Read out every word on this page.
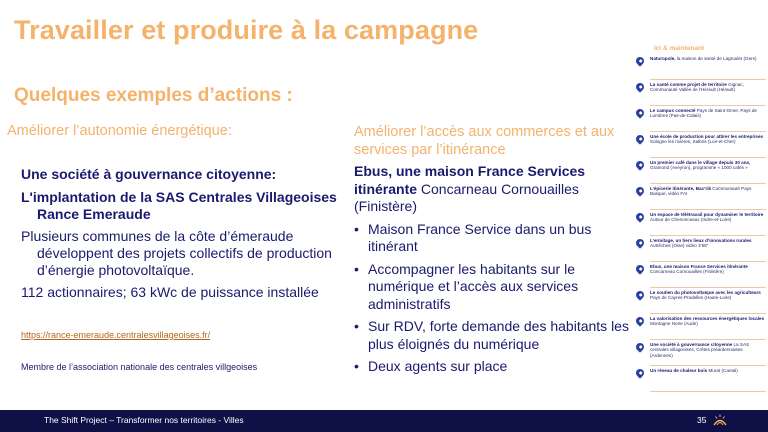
Travailler et produire à la campagne
Quelques exemples d’actions :
Améliorer l’autonomie énergétique:	Améliorer l’accès aux commerces et aux services par l’itinérance
Une société à gouvernance citoyenne:
L'implantation de la SAS Centrales Villageoises Rance Emeraude
Plusieurs communes de la côte d’émeraude développent des projets collectifs de production d’énergie photovoltaïque.
112 actionnaires; 63 kWc de puissance installée
https://rance-emeraude.centralesvillageoises.fr/
Membre de l’association nationale des centrales villgeoises
Ebus, une maison France Services itinérante Concarneau Cornouailles (Finistère)
• Maison France Service dans un bus itinérant
• Accompagner les habitants sur le numérique et l’accès aux services administratifs
• Sur RDV, forte demande des habitants les plus éloignés du numérique
• Deux agents sur place
Ici & maintenant
Naturopole, la maison de santé de Lagruulet (Gers)
La santé comme projet de territoire Gignac, Communauté Vallée de l’Hérault (Hérault)
Le campus connecté Pays de Saint-Omer, Pays de Lumbres (Pas-de-Calais)
Une école de production pour attirer les entreprises Sologne les rivières, Salbris (Loir-et-Cher)
Un premier café dans le village depuis 30 ans, Gramond (Aveyron), programme « 1000 cafés »
L’épicerie itinérante, Bac’rik Communauté Pays Basque, vidéo FAI
Un espace de télétravail pour dynamiser le territoire Autour de Chenonceaux (Indre-et-Loire)
L’ermitage, un tiers lieux d’innovations rurales Autrêches (Oise) vidéo 3’55"
Ebus, une maison France Services itinérante Concarneau Cornouailles (Finistère)
Le soutien du photovoltaïque avec les agriculteurs Pays de Cayres-Pradelles (Haute-Loire)
La valorisation des ressources énergétiques locales Montagne Noire (Aude)
Une société à gouvernance citoyenne La SAS centrales villageoises, Crêtes préardennaises (Ardennes)
Un réseau de chaleur bois Murat (Cantal)
The Shift Project – Transformer nos territoires - Villes	35
